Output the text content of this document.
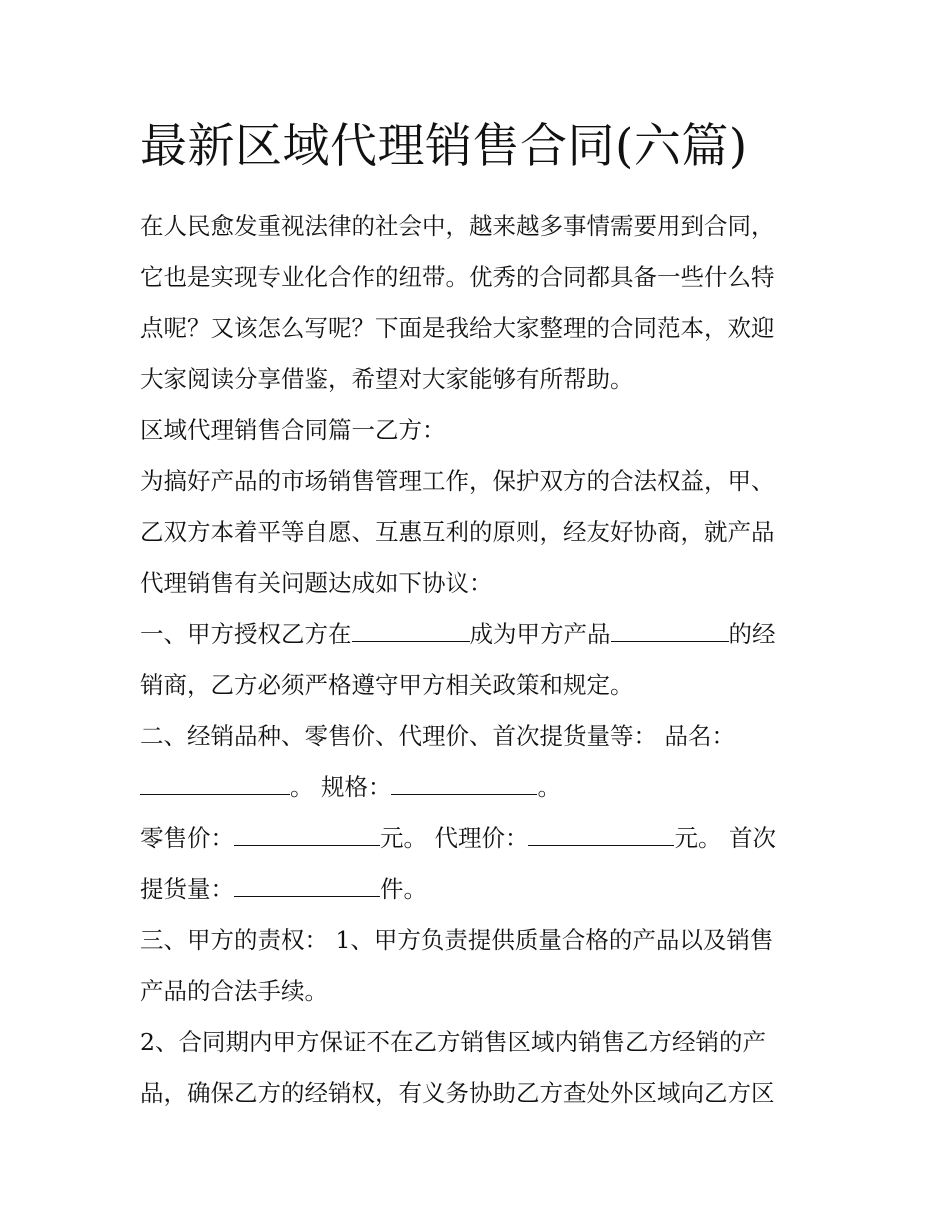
最新区域代理销售合同(六篇)
在人民愈发重视法律的社会中，越来越多事情需要用到合同，
它也是实现专业化合作的纽带。优秀的合同都具备一些什么特
点呢？又该怎么写呢？下面是我给大家整理的合同范本，欢迎
大家阅读分享借鉴，希望对大家能够有所帮助。
区域代理销售合同篇一乙方：
为搞好产品的市场销售管理工作，保护双方的合法权益，甲、
乙双方本着平等自愿、互惠互利的原则，经友好协商，就产品
代理销售有关问题达成如下协议：
一、甲方授权乙方在	成为甲方产品	的经
销商，乙方必须严格遵守甲方相关政策和规定。
二、经销品种、零售价、代理价、首次提货量等： 品名：
。 规格：	。
零售价：	元。 代理价：	元。 首次
提货量：	件。
三、甲方的责权： 1、甲方负责提供质量合格的产品以及销售
产品的合法手续。
2、合同期内甲方保证不在乙方销售区域内销售乙方经销的产
品，确保乙方的经销权，有义务协助乙方查处外区域向乙方区
